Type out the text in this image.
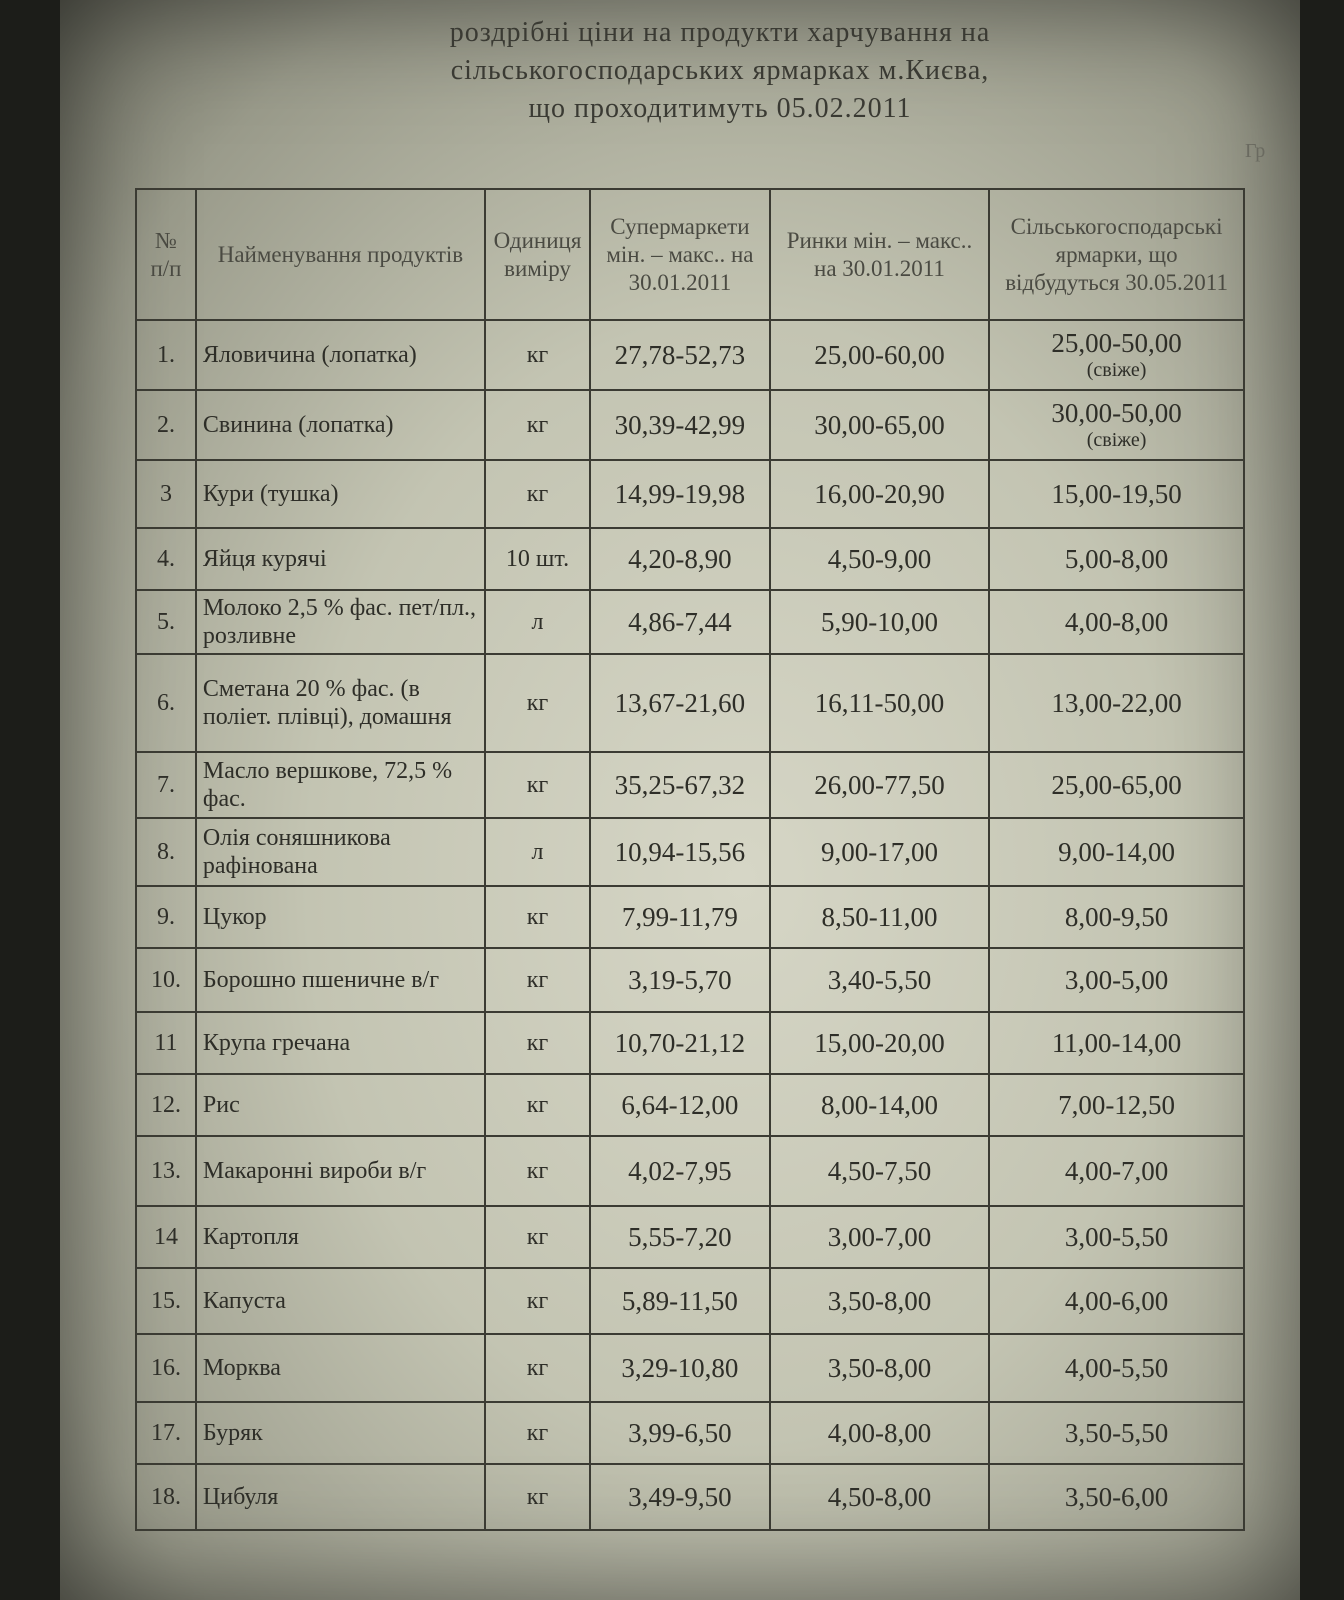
роздрібні ціни на продукти харчування на
сільськогосподарських ярмарках м.Києва,
що проходитимуть 05.02.2011
Гр
№ п/п	Найменування продуктів	Одиниця виміру	Супермаркети мін. – макс.. на 30.01.2011	Ринки мін. – макс.. на 30.01.2011	Сільськогосподарські ярмарки, що відбудуться 30.05.2011
1.	Яловичина (лопатка)	кг	27,78-52,73	25,00-60,00	25,00-50,00
(свіже)

2.	Свинина (лопатка)	кг	30,39-42,99	30,00-65,00	30,00-50,00
(свіже)

3	Кури (тушка)	кг	14,99-19,98	16,00-20,90	15,00-19,50
4.	Яйця курячі	10 шт.	4,20-8,90	4,50-9,00	5,00-8,00
5.	Молоко 2,5 % фас. пет/пл., розливне	л	4,86-7,44	5,90-10,00	4,00-8,00
6.	Сметана 20 % фас. (в поліет. плівці), домашня	кг	13,67-21,60	16,11-50,00	13,00-22,00
7.	Масло вершкове, 72,5 % фас.	кг	35,25-67,32	26,00-77,50	25,00-65,00
8.	Олія соняшникова рафінована	л	10,94-15,56	9,00-17,00	9,00-14,00
9.	Цукор	кг	7,99-11,79	8,50-11,00	8,00-9,50
10.	Борошно пшеничне в/г	кг	3,19-5,70	3,40-5,50	3,00-5,00
11	Крупа гречана	кг	10,70-21,12	15,00-20,00	11,00-14,00
12.	Рис	кг	6,64-12,00	8,00-14,00	7,00-12,50
13.	Макаронні вироби в/г	кг	4,02-7,95	4,50-7,50	4,00-7,00
14	Картопля	кг	5,55-7,20	3,00-7,00	3,00-5,50
15.	Капуста	кг	5,89-11,50	3,50-8,00	4,00-6,00
16.	Морква	кг	3,29-10,80	3,50-8,00	4,00-5,50
17.	Буряк	кг	3,99-6,50	4,00-8,00	3,50-5,50
18.	Цибуля	кг	3,49-9,50	4,50-8,00	3,50-6,00
